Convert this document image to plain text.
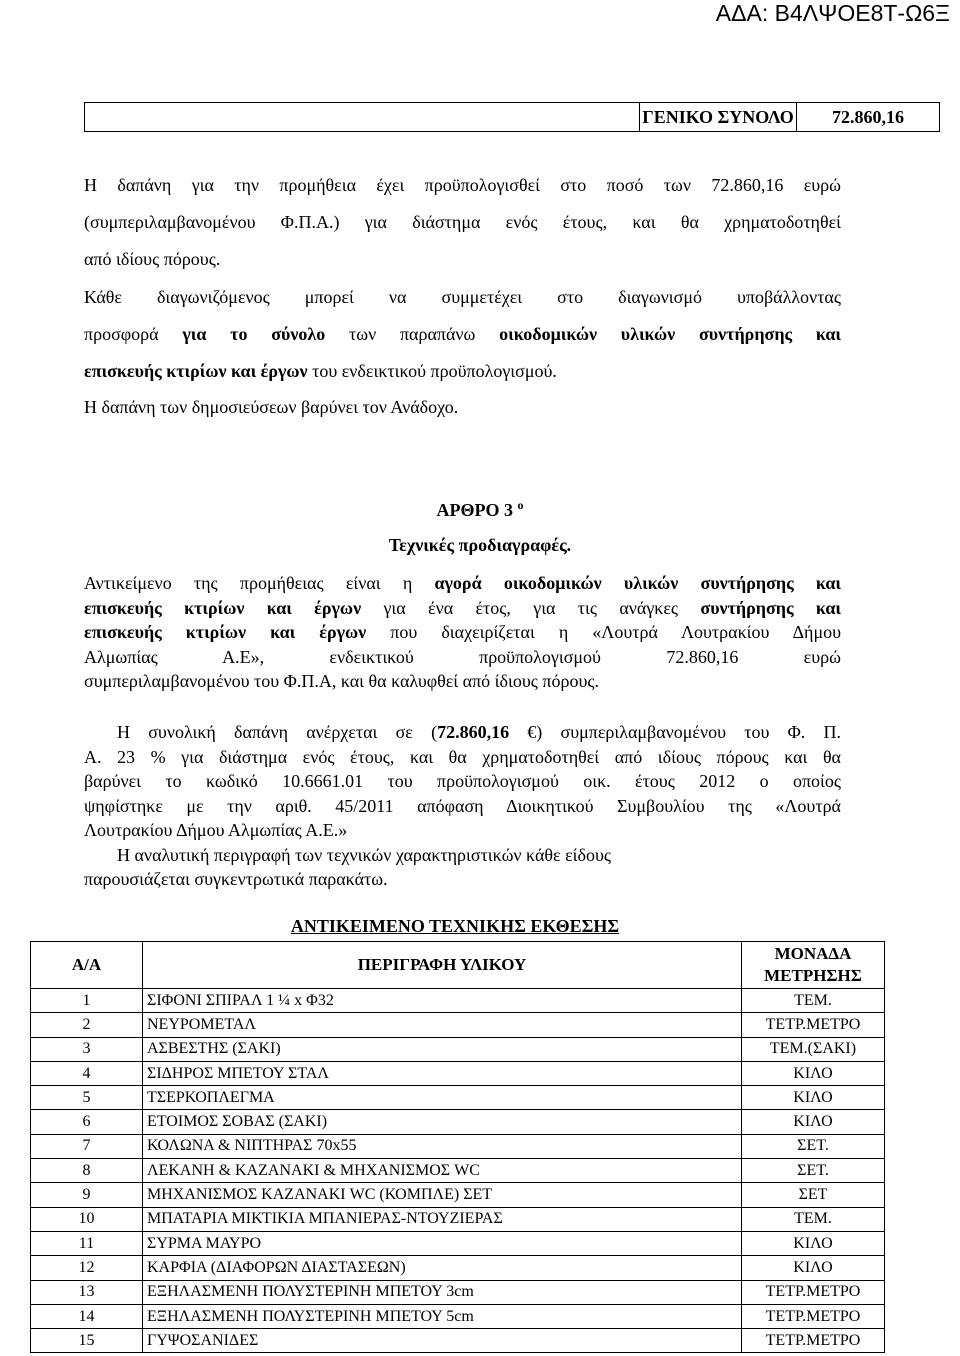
ΑΔΑ: Β4ΛΨΟΕ8Τ-Ω6Ξ
	ΓΕΝΙΚΟ ΣΥΝΟΛΟ	72.860,16
Η δαπάνη για την προμήθεια έχει προϋπολογισθεί στο ποσό των 72.860,16 ευρώ
(συμπεριλαμβανομένου Φ.Π.Α.) για διάστημα ενός έτους, και θα χρηματοδοτηθεί
από ιδίους πόρους.
Κάθε διαγωνιζόμενος μπορεί να συμμετέχει στο διαγωνισμό υποβάλλοντας
προσφορά για το σύνολο των παραπάνω οικοδομικών υλικών συντήρησης και
επισκευής κτιρίων και έργων του ενδεικτικού προϋπολογισμού.
Η δαπάνη των δημοσιεύσεων βαρύνει τον Ανάδοχο.
ΑΡΘΡΟ 3 $^o$
Τεχνικές προδιαγραφές.
Αντικείμενο της προμήθειας είναι η αγορά οικοδομικών υλικών συντήρησης και
επισκευής κτιρίων και έργων για ένα έτος, για τις ανάγκες συντήρησης και
επισκευής κτιρίων και έργων που διαχειρίζεται η «Λουτρά Λουτρακίου Δήμου
Αλμωπίας Α.Ε», ενδεικτικού προϋπολογισμού 72.860,16 ευρώ
συμπεριλαμβανομένου του Φ.Π.Α, και θα καλυφθεί από ίδιους πόρους.
Η συνολική δαπάνη ανέρχεται σε (72.860,16 €) συμπεριλαμβανομένου του Φ. Π.
Α. 23 % για διάστημα ενός έτους, και θα χρηματοδοτηθεί από ιδίους πόρους και θα
βαρύνει το κωδικό 10.6661.01 του προϋπολογισμού οικ. έτους 2012 ο οποίος
ψηφίστηκε με την αριθ. 45/2011 απόφαση Διοικητικού Συμβουλίου της «Λουτρά
Λουτρακίου Δήμου Αλμωπίας Α.Ε.»
Η αναλυτική περιγραφή των τεχνικών χαρακτηριστικών κάθε είδους
παρουσιάζεται συγκεντρωτικά παρακάτω.
ΑΝΤΙΚΕΙΜΕΝΟ ΤΕΧΝΙΚΗΣ ΕΚΘΕΣΗΣ
Α/Α	ΠΕΡΙΓΡΑΦΗ ΥΛΙΚΟΥ	ΜΟΝΑΔΑ
ΜΕΤΡΗΣΗΣ

1	ΣΙΦΟΝΙ ΣΠΙΡΑΛ 1 ¼ x Φ32	ΤΕΜ.
2	ΝΕΥΡΟΜΕΤΑΛ	ΤΕΤΡ.ΜΕΤΡΟ
3	ΑΣΒΕΣΤΗΣ (ΣΑΚΙ)	ΤΕΜ.(ΣΑΚΙ)
4	ΣΙΔΗΡΟΣ ΜΠΕΤΟΥ ΣΤΑΛ	ΚΙΛΟ
5	ΤΣΕΡΚΟΠΛΕΓΜΑ	ΚΙΛΟ
6	ΕΤΟΙΜΟΣ ΣΟΒΑΣ (ΣΑΚΙ)	ΚΙΛΟ
7	ΚΟΛΩΝΑ & ΝΙΠΤΗΡΑΣ 70x55	ΣΕΤ.
8	ΛΕΚΑΝΗ & ΚΑΖΑΝΑΚΙ & ΜΗΧΑΝΙΣΜΟΣ WC	ΣΕΤ.
9	ΜΗΧΑΝΙΣΜΟΣ ΚΑΖΑΝΑΚΙ WC (ΚΟΜΠΛΕ) ΣΕΤ	ΣΕΤ
10	ΜΠΑΤΑΡΙΑ ΜΙΚΤΙΚΙΑ ΜΠΑΝΙΕΡΑΣ-ΝΤΟΥΖΙΕΡΑΣ	ΤΕΜ.
11	ΣΥΡΜΑ ΜΑΥΡΟ	ΚΙΛΟ
12	ΚΑΡΦΙΑ (ΔΙΑΦΟΡΩΝ ΔΙΑΣΤΑΣΕΩΝ)	ΚΙΛΟ
13	ΕΞΗΛΑΣΜΕΝΗ ΠΟΛΥΣΤΕΡΙΝΗ ΜΠΕΤΟΥ 3cm	ΤΕΤΡ.ΜΕΤΡΟ
14	ΕΞΗΛΑΣΜΕΝΗ ΠΟΛΥΣΤΕΡΙΝΗ ΜΠΕΤΟΥ 5cm	ΤΕΤΡ.ΜΕΤΡΟ
15	ΓΥΨΟΣΑΝΙΔΕΣ	ΤΕΤΡ.ΜΕΤΡΟ
